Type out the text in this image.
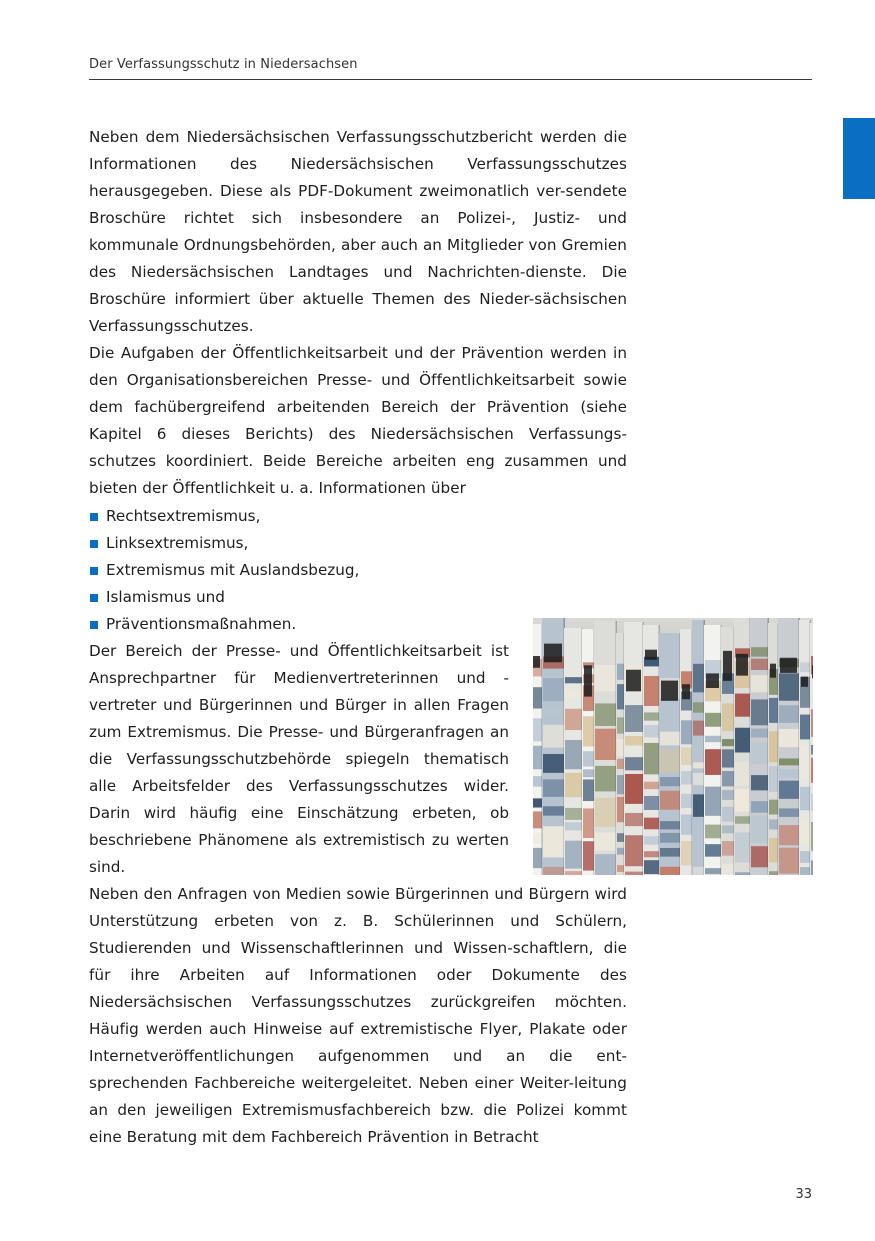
Der Verfassungsschutz in Niedersachsen

Neben dem Niedersächsischen Verfassungsschutzbericht werden die Informationen des Niedersächsischen Verfassungsschutzes herausgegeben. Diese als PDF-Dokument zweimonatlich ver-sendete Broschüre richtet sich insbesondere an Polizei-, Justiz- und kommunale Ordnungsbehörden, aber auch an Mitglieder von Gremien des Niedersächsischen Landtages und Nachrichten-dienste. Die Broschüre informiert über aktuelle Themen des Nieder-sächsischen Verfassungsschutzes.

Die Aufgaben der Öffentlichkeitsarbeit und der Prävention werden in den Organisationsbereichen Presse- und Öffentlichkeitsarbeit sowie dem fachübergreifend arbeitenden Bereich der Prävention (siehe Kapitel 6 dieses Berichts) des Niedersächsischen Verfassungs-schutzes koordiniert. Beide Bereiche arbeiten eng zusammen und bieten der Öffentlichkeit u. a. Informationen über

Rechtsextremismus,
Linksextremismus,
Extremismus mit Auslandsbezug,
Islamismus und
Präventionsmaßnahmen.

Der Bereich der Presse- und Öffentlichkeitsarbeit ist Ansprechpartner für Medienvertreterinnen und -vertreter und Bürgerinnen und Bürger in allen Fragen zum Extremismus. Die Presse- und Bürgeranfragen an die Verfassungsschutzbehörde spiegeln thematisch alle Arbeitsfelder des Verfassungsschutzes wider. Darin wird häufig eine Einschätzung erbeten, ob beschriebene Phänomene als extremistisch zu werten sind.

Neben den Anfragen von Medien sowie Bürgerinnen und Bürgern wird Unterstützung erbeten von z. B. Schülerinnen und Schülern, Studierenden und Wissenschaftlerinnen und Wissen-schaftlern, die für ihre Arbeiten auf Informationen oder Dokumente des Niedersächsischen Verfassungsschutzes zurückgreifen möchten. Häufig werden auch Hinweise auf extremistische Flyer, Plakate oder Internetveröffentlichungen aufgenommen und an die ent-sprechenden Fachbereiche weitergeleitet. Neben einer Weiter-leitung an den jeweiligen Extremismusfachbereich bzw. die Polizei kommt eine Beratung mit dem Fachbereich Prävention in Betracht

33
